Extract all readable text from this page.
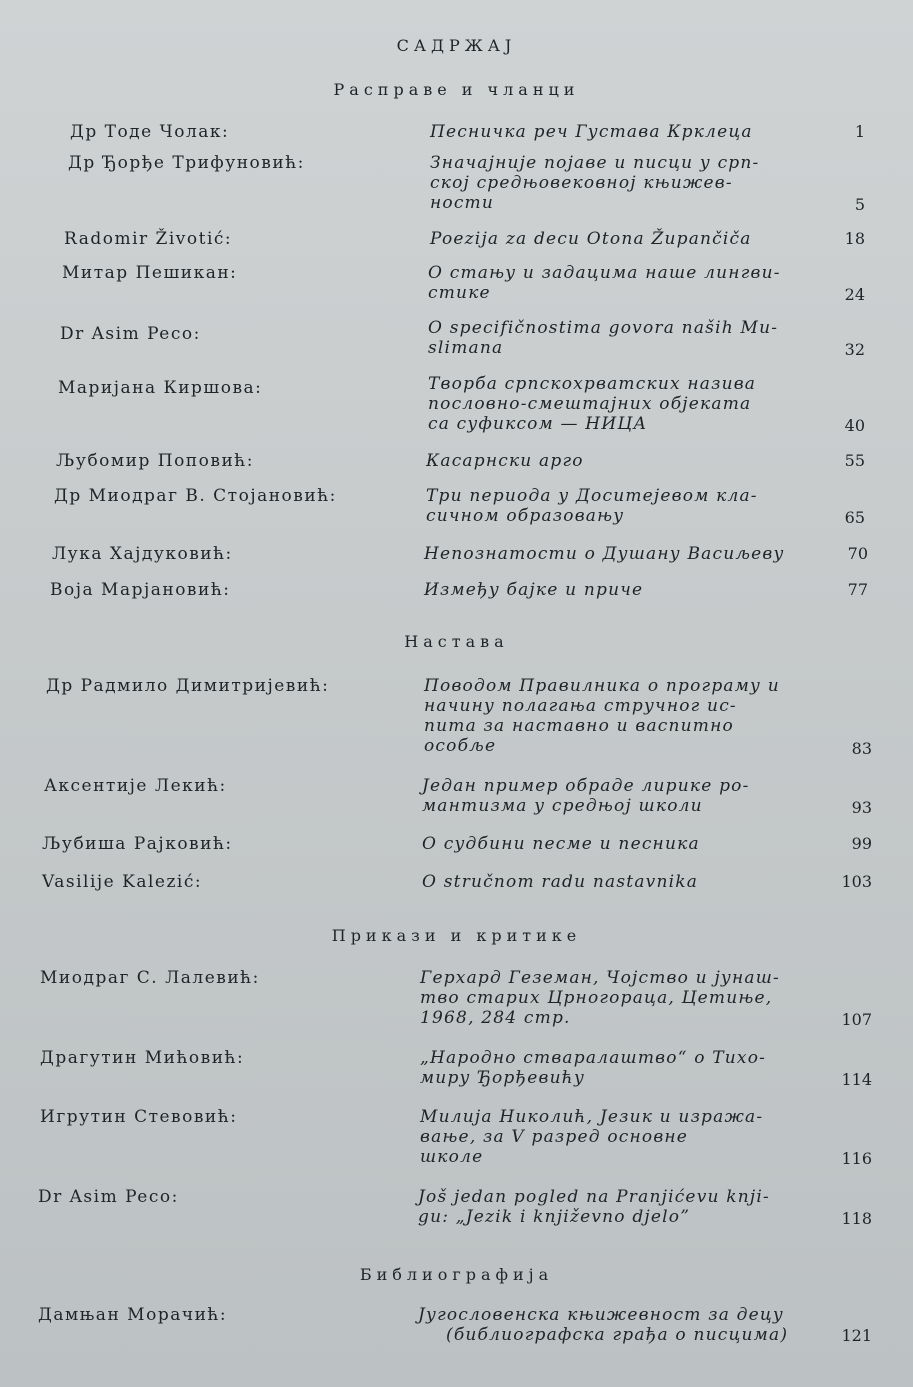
САДРЖАЈ
Расправе и чланци
Др Тоде Чолак:	Песничка реч Густава Крклеца	1
Др Ђорђе Трифуновић:	Значајније појаве и писци у срп-
ској средњовековној књижев-
ности	5
Radomir Životić:	Poezija za decu Otona Župančiča	18
Митар Пешикан:	О стању и задацима наше лингви-
стике	24
Dr Asim Peco:	O specifičnostima govora naših Mu-
slimana	32
Маријана Киршова:	Творба српскохрватских назива
пословно-смештајних објеката
са суфиксом — НИЦА	40
Љубомир Поповић:	Касарнски арго	55
Др Миодраг В. Стојановић:	Три периода у Доситејевом кла-
сичном образовању	65
Лука Хајдуковић:	Непознатости о Душану Васиљеву	70
Воја Марјановић:	Између бајке и приче	77
Настава
Др Радмило Димитријевић:	Поводом Правилника о програму и
начину полагања стручног ис-
пита за наставно и васпитно
особље	83
Аксентије Лекић:	Један пример обраде лирике ро-
мантизма у средњој школи	93
Љубиша Рајковић:	О судбини песме и песника	99
Vasilije Kalezić:	O stručnom radu nastavnika	103
Прикази и критике
Миодраг С. Лалевић:	Герхард Геземан, Чојство и јунаш-
тво старих Црногораца, Цетиње,
1968, 284 стр.	107
Драгутин Мићовић:	„Народно стваралаштво“ о Тихо-
миру Ђорђевићу	114
Игрутин Стевовић:	Милија Николић, Језик и изража-
вање, за V разред основне
школе	116
Dr Asim Peco:	Još jedan pogled na Pranjićevu knji-
gu: „Jezik i književno djelo”	118
Библиографија
Дамњан Морачић:	Југословенска књижевност за децу
(библиографска грађа о писцима)	121
